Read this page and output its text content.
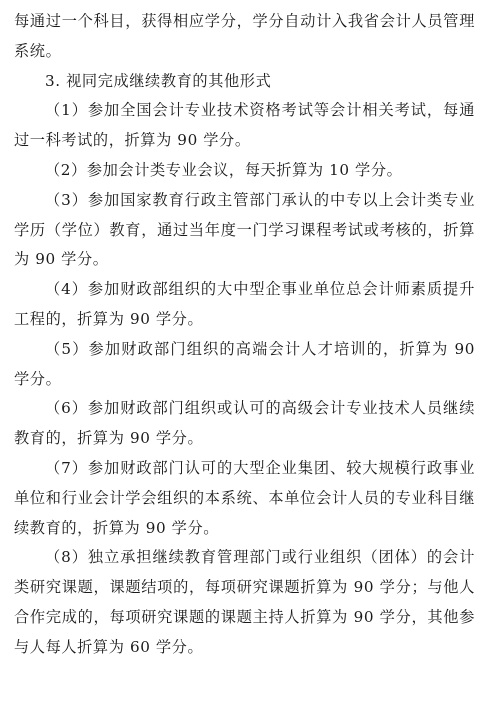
每通过一个科目，获得相应学分，学分自动计入我省会计人员管理系统。

3. 视同完成继续教育的其他形式

（1）参加全国会计专业技术资格考试等会计相关考试，每通过一科考试的，折算为 90 学分。

（2）参加会计类专业会议，每天折算为 10 学分。

（3）参加国家教育行政主管部门承认的中专以上会计类专业学历（学位）教育，通过当年度一门学习课程考试或考核的，折算为 90 学分。

（4）参加财政部组织的大中型企事业单位总会计师素质提升工程的，折算为 90 学分。

（5）参加财政部门组织的高端会计人才培训的，折算为 90 学分。

（6）参加财政部门组织或认可的高级会计专业技术人员继续教育的，折算为 90 学分。

（7）参加财政部门认可的大型企业集团、较大规模行政事业单位和行业会计学会组织的本系统、本单位会计人员的专业科目继续教育的，折算为 90 学分。

（8）独立承担继续教育管理部门或行业组织（团体）的会计类研究课题，课题结项的，每项研究课题折算为 90 学分；与他人合作完成的，每项研究课题的课题主持人折算为 90 学分，其他参与人每人折算为 60 学分。
